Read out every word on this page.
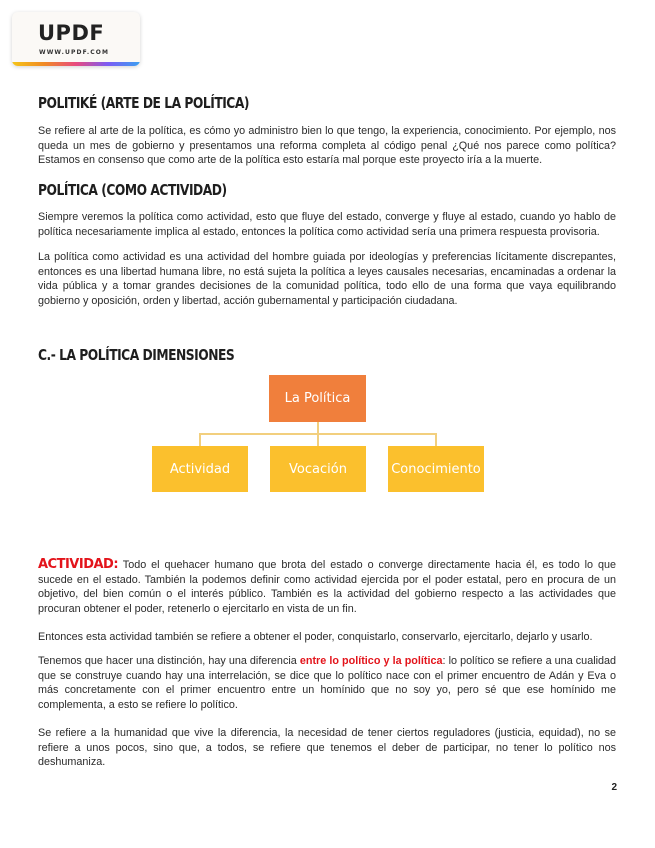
UPDF
WWW.UPDF.COM
POLITIKÉ (ARTE DE LA POLÍTICA)

Se refiere al arte de la política, es cómo yo administro bien lo que tengo, la experiencia, conocimiento. Por ejemplo, nos queda un mes de gobierno y presentamos una reforma completa al código penal ¿Qué nos parece como política? Estamos en consenso que como arte de la política esto estaría mal porque este proyecto iría a la muerte.

POLÍTICA (COMO ACTIVIDAD)

Siempre veremos la política como actividad, esto que fluye del estado, converge y fluye al estado, cuando yo hablo de política necesariamente implica al estado, entonces la política como actividad sería una primera respuesta provisoria.

La política como actividad es una actividad del hombre guiada por ideologías y preferencias lícitamente discrepantes, entonces es una libertad humana libre, no está sujeta la política a leyes causales necesarias, encaminadas a ordenar la vida pública y a tomar grandes decisiones de la comunidad política, todo ello de una forma que vaya equilibrando gobierno y oposición, orden y libertad, acción gubernamental y participación ciudadana.

C.- LA POLÍTICA DIMENSIONES
La Política
Actividad	Vocación	Conocimiento

ACTIVIDAD: Todo el quehacer humano que brota del estado o converge directamente hacia él, es todo lo que sucede en el estado. También la podemos definir como actividad ejercida por el poder estatal, pero en procura de un objetivo, del bien común o el interés público. También es la actividad del gobierno respecto a las actividades que procuran obtener el poder, retenerlo o ejercitarlo en vista de un fin.

Entonces esta actividad también se refiere a obtener el poder, conquistarlo, conservarlo, ejercitarlo, dejarlo y usarlo.

Tenemos que hacer una distinción, hay una diferencia entre lo político y la política: lo político se refiere a una cualidad que se construye cuando hay una interrelación, se dice que lo político nace con el primer encuentro de Adán y Eva o más concretamente con el primer encuentro entre un homínido que no soy yo, pero sé que ese homínido me complementa, a esto se refiere lo político.

Se refiere a la humanidad que vive la diferencia, la necesidad de tener ciertos reguladores (justicia, equidad), no se refiere a unos pocos, sino que, a todos, se refiere que tenemos el deber de participar, no tener lo político nos deshumaniza.

2
